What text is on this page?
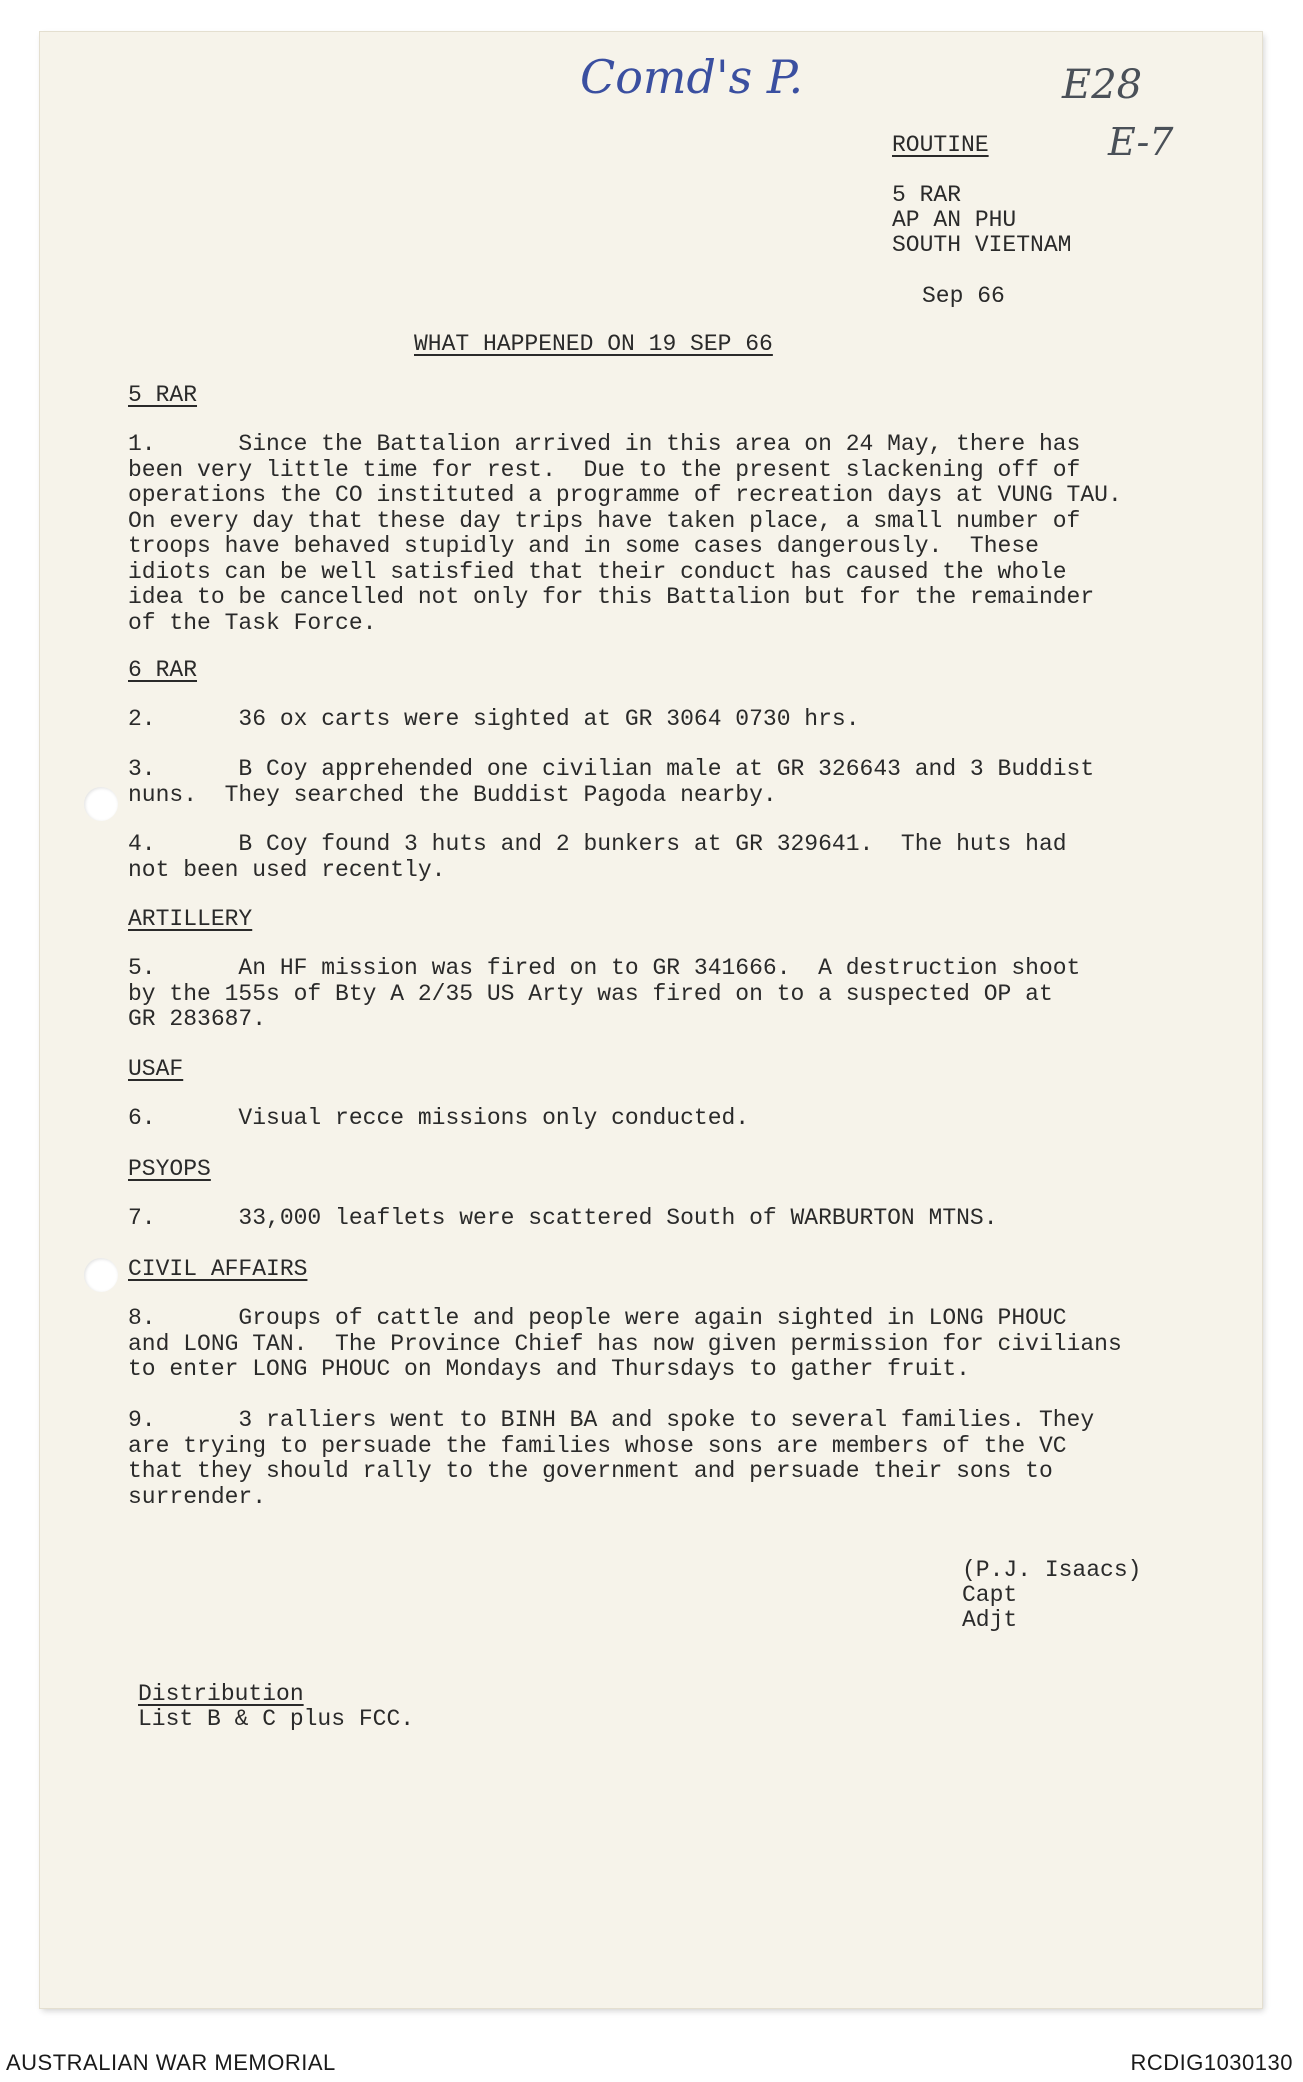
Comd's P.	E28
E-7
ROUTINE
5 RAR
AP AN PHU
SOUTH VIETNAM
Sep 66
WHAT HAPPENED ON 19 SEP 66
5 RAR
1.      Since the Battalion arrived in this area on 24 May, there has
been very little time for rest.  Due to the present slackening off of
operations the CO instituted a programme of recreation days at VUNG TAU.
On every day that these day trips have taken place, a small number of
troops have behaved stupidly and in some cases dangerously.  These
idiots can be well satisfied that their conduct has caused the whole
idea to be cancelled not only for this Battalion but for the remainder
of the Task Force.
6 RAR
2.      36 ox carts were sighted at GR 3064 0730 hrs.
3.      B Coy apprehended one civilian male at GR 326643 and 3 Buddist
nuns.  They searched the Buddist Pagoda nearby.
4.      B Coy found 3 huts and 2 bunkers at GR 329641.  The huts had
not been used recently.
ARTILLERY
5.      An HF mission was fired on to GR 341666.  A destruction shoot
by the 155s of Bty A 2/35 US Arty was fired on to a suspected OP at
GR 283687.
USAF
6.      Visual recce missions only conducted.
PSYOPS
7.      33,000 leaflets were scattered South of WARBURTON MTNS.
CIVIL AFFAIRS
8.      Groups of cattle and people were again sighted in LONG PHOUC
and LONG TAN.  The Province Chief has now given permission for civilians
to enter LONG PHOUC on Mondays and Thursdays to gather fruit.
9.      3 ralliers went to BINH BA and spoke to several families. They
are trying to persuade the families whose sons are members of the VC
that they should rally to the government and persuade their sons to
surrender.
(P.J. Isaacs)
Capt
Adjt
Distribution
List B & C plus FCC.
AUSTRALIAN WAR MEMORIAL	RCDIG1030130
